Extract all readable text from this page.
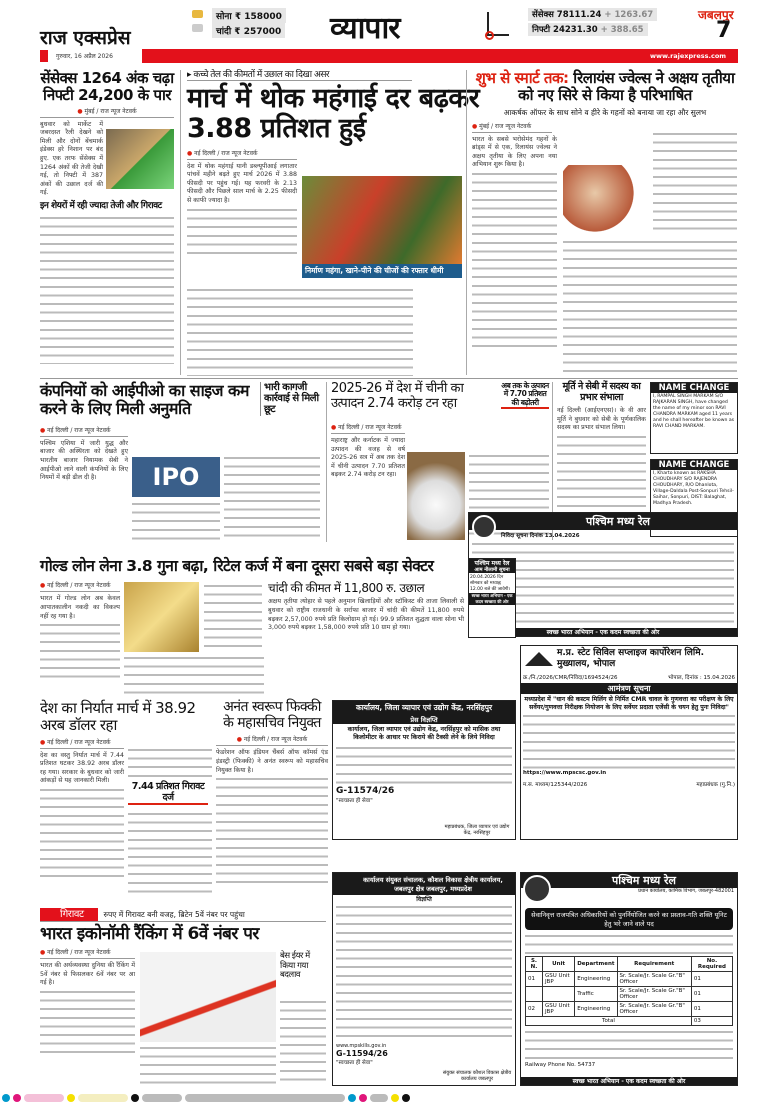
राज एक्सप्रेस
गुरुवार, 16 अप्रैल 2026	www.rajexpress.com
सोना ₹ 158000
चांदी ₹ 257000 व्यापार	सेंसेक्स 78111.24 + 1263.67
निफ्टी 24231.30 + 388.65
जबलपुर
7
सेंसेक्स 1264 अंक चढ़ा निफ्टी 24,200 के पार
● मुंबई / राज न्यूज नेटवर्क
बुधवार को मार्केट में जबरदस्त रैली देखने को मिली और दोनों बेंचमार्क इंडेक्स हरे निशान पर बंद हुए. एक तरफ सेंसेक्स में 1264 अंकों की तेजी देखी गई, तो निफ्टी में 387 अंकों की उछाल दर्ज की गई.
इन शेयरों में रही ज्यादा तेजी और गिरावट
▸ कच्चे तेल की कीमतों में उछाल का दिखा असर
मार्च में थोक महंगाई दर बढ़कर 3.88 प्रतिशत हुई
● नई दिल्ली / राज न्यूज नेटवर्क
देश में थोक महंगाई यानी डब्ल्यूपीआई लगातार पांचवें महीने बढ़ते हुए मार्च 2026 में 3.88 फीसदी पर पहुंच गई। यह फरवरी के 2.13 फीसदी और पिछले साल मार्च के 2.25 फीसदी से काफी ज्यादा है।
निर्माण महंगा, खाने-पीने की चीजों की रफ्तार धीमी
शुभ से स्मार्ट तक: रिलायंस ज्वेल्स ने अक्षय तृतीया को नए सिरे से किया है परिभाषित
आकर्षक ऑफर के साथ सोने व हीरे के गहनों को बनाया जा रहा और सुलभ
● मुंबई / राज न्यूज नेटवर्क
भारत के सबसे भरोसेमंद गहनों के ब्रांड्स में से एक, रिलायंस ज्वेल्स ने अक्षय तृतीया के लिए अपना नया अभियान शुरू किया है।
कंपनियों को आईपीओ का साइज कम करने के लिए मिली अनुमति
भारी कागजी कार्रवाई से मिली छूट
● नई दिल्ली / राज न्यूज नेटवर्क
पश्चिम एशिया में जारी युद्ध और बाजार की अस्थिरता को देखते हुए भारतीय बाजार नियामक सेबी ने आईपीओ लाने वाली कंपनियों के लिए नियमों में बड़ी ढील दी है।	IPO
2025-26 में देश में चीनी का उत्पादन 2.74 करोड़ टन रहा
अब तक के उत्पादन में 7.70 प्रतिशत की बढ़ोतरी
● नई दिल्ली / राज न्यूज नेटवर्क
महाराष्ट्र और कर्नाटक में ज्यादा उत्पादन की वजह से वर्ष 2025-26 सत्र में अब तक देश में चीनी उत्पादन 7.70 प्रतिशत बढ़कर 2.74 करोड़ टन रहा।
मूर्ति ने सेबी में सदस्य का प्रभार संभाला
नई दिल्ली (आईएनएस)। के वी आर मूर्ति ने बुधवार को सेबी के पूर्णकालिक सदस्य का प्रभार संभाल लिया।
NAME CHANGE
I, RAMPAL SINGH MARKAM S/O RAJKARAN SINGH, have changed the name of my minor son RAVI CHANDRA MARKAM aged 11 years and he shall hereafter be known as RAVI CHAND MARKAM.
NAME CHANGE
I, Kharto known as RAKSHA CHOUDHARY S/O RAJENDRA CHOUDHARY, R/O Dhanlota, Village-Daldala Post-Sonpuri Tehsil-Saihar, Sonpuri, DIST: Balaghat, Madhya Pradesh.
पश्चिम मध्य रेल
निविदा सूचना दिनांक 13.04.2026
स्वच्छ भारत अभियान - एक कदम स्वच्छता की ओर
गोल्ड लोन लेना 3.8 गुना बढ़ा, रिटेल कर्ज में बना दूसरा सबसे बड़ा सेक्टर
● नई दिल्ली / राज न्यूज नेटवर्क
भारत में गोल्ड लोन अब केवल आपातकालीन नकदी का विकल्प नहीं रह गया है।
चांदी की कीमत में 11,800 रु. उछाल
अक्षय तृतीया त्योहार से पहले अनुमान खिलाड़ियों और स्टॉकिस्ट की ताजा लिवाली से बुधवार को राष्ट्रीय राजधानी के सर्राफा बाजार में चांदी की कीमतें 11,800 रुपये बढ़कर 2,57,000 रुपये प्रति किलोग्राम हो गई। 99.9 प्रतिशत शुद्धता वाला सोना भी 3,000 रुपये बढ़कर 1,58,000 रुपये प्रति 10 ग्राम हो गया।
म.प्र. स्टेट सिविल सप्लाइज कार्पोरेशन लिमि. मुख्यालय, भोपाल
क्र./नि./2026/CMR/निविदा/1694524/26	भोपाल, दिनांक : 15.04.2026
आमंत्रण सूचना
मध्यप्रदेश में "धान की कस्टम मिलिंग से निर्मित CMR चावल के गुणवत्ता का परीक्षण के लिए सर्वेयर/गुणवत्ता निरीक्षक नियोजन के लिए सर्वेयर प्रदाता एजेंसी के चयन हेतु पुनः निविदा"
https://www.mpscsc.gov.in
म.स. माध्यम/125344/2026	महाप्रबंधक (गु.नि.)
देश का निर्यात मार्च में 38.92 अरब डॉलर रहा
● नई दिल्ली / राज न्यूज नेटवर्क
देश का वस्तु निर्यात मार्च में 7.44 प्रतिशत घटकर 38.92 अरब डॉलर रह गया। सरकार के बुधवार को जारी आंकड़ों से यह जानकारी मिली।
7.44 प्रतिशत गिरावट दर्ज
अनंत स्वरूप फिक्की के महासचिव नियुक्त
● नई दिल्ली / राज न्यूज नेटवर्क
फेडरेशन ऑफ इंडियन चैंबर्स ऑफ कॉमर्स एंड इंडस्ट्री (फिक्की) ने अनंत स्वरूप को महासचिव नियुक्त किया है।
कार्यालय, जिला व्यापार एवं उद्योग केंद्र, नरसिंहपुर
प्रेस विज्ञप्ति
कार्यालय, जिला व्यापार एवं उद्योग केंद्र, नरसिंहपुर को मासिक तथा किलोमीटर के आधार पर किराये की टैक्सी लेने के लिये निविदा
G-11574/26
"स्वच्छता ही सेवा"
महाप्रबंधक, जिला व्यापार एवं उद्योग केंद्र, नरसिंहपुर
गिरावट	रुपए में गिरावट बनी वजह, ब्रिटेन 5वें नंबर पर पहुंचा
भारत इकोनॉमी रैंकिंग में 6वें नंबर पर
● नई दिल्ली / राज न्यूज नेटवर्क
भारत की अर्थव्यवस्था दुनिया की रैंकिंग में 5वें नंबर से फिसलकर 6वें नंबर पर आ गई है।
बेस ईयर में किया गया बदलाव
कार्यालय संयुक्त संचालक, कौशल विकास क्षेत्रीय कार्यालय, जबलपुर क्षेत्र जबलपुर, मध्यप्रदेश
विज्ञप्ति
www.mpskills.gov.in
G-11594/26
"स्वच्छता ही सेवा"
संयुक्त संचालक कौशल विकास क्षेत्रीय कार्यालय जबलपुर
पश्चिम मध्य रेल
प्रधान कार्यालय, कार्मिक विभाग, जबलपुर-482001
सेवानिवृत्त राजपत्रित अधिकारियों को पुनर्नियोजित करने का प्रस्ताव-गति शक्ति यूनिट हेतु भरे जाने वाले पद
S. N.	Unit	Department	Requirement	No. Required
01	GSU Unit JBP	Engineering	Sr. Scale/Jr. Scale Gr."B" Officer	01
		Traffic	Sr. Scale/Jr. Scale Gr."B" Officer	01
02	GSU Unit JBP	Engineering	Sr. Scale/Jr. Scale Gr."B" Officer	01
Total				03
Railway Phone No. 54737
स्वच्छ भारत अभियान - एक कदम स्वच्छता की ओर
पश्चिम मध्य रेल
आम नीलामी सूचना
20.04.2026 दिन सोमवार को मध्याह्न 12.00 बजे की जावेगी।
स्वच्छ भारत अभियान - एक कदम स्वच्छता की ओर
